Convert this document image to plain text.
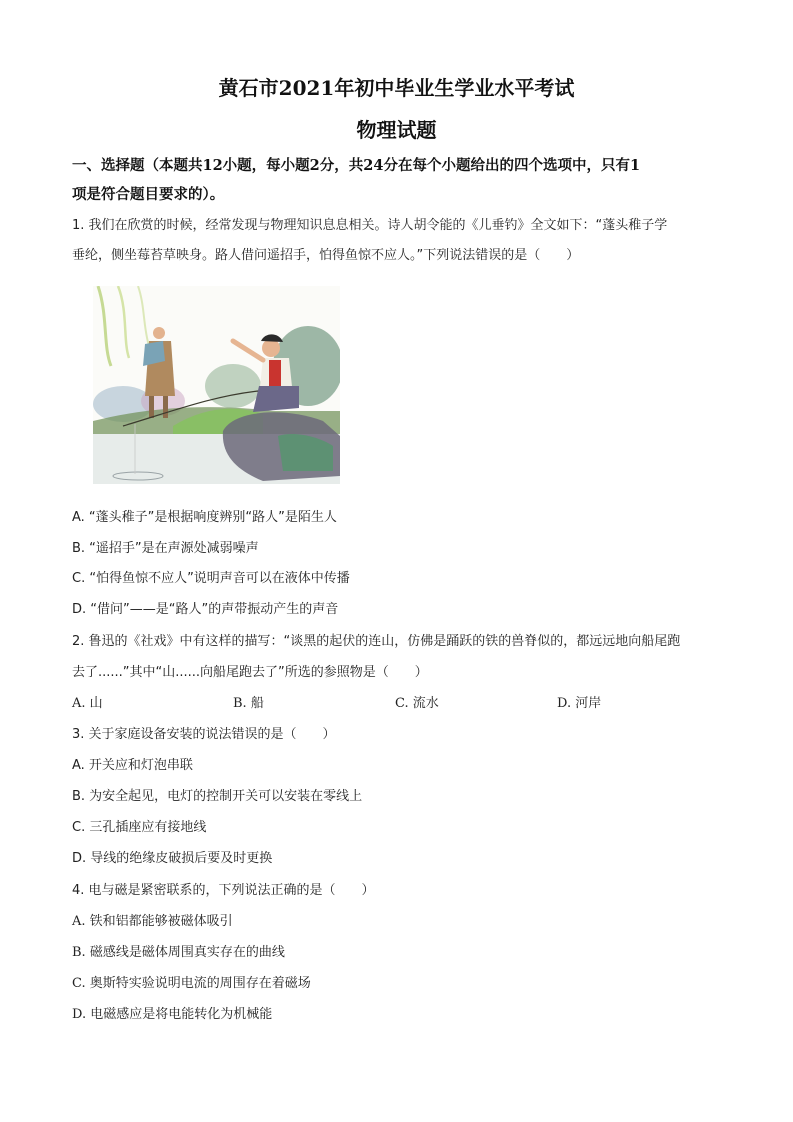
黄石市2021年初中毕业生学业水平考试
物理试题
一、选择题（本题共12小题，每小题2分，共24分在每个小题给出的四个选项中，只有1
项是符合题目要求的）。
1. 我们在欣赏的时候，经常发现与物理知识息息相关。诗人胡令能的《儿垂钓》全文如下：“蓬头稚子学
垂纶，侧坐莓苔草映身。路人借问遥招手，怕得鱼惊不应人。”下列说法错误的是（　　）
A. “蓬头稚子”是根据响度辨别“路人”是陌生人
B. “遥招手”是在声源处减弱噪声
C. “怕得鱼惊不应人”说明声音可以在液体中传播
D. “借问”——是“路人”的声带振动产生的声音
2. 鲁迅的《社戏》中有这样的描写：“谈黑的起伏的连山，仿佛是踊跃的铁的兽脊似的，都远远地向船尾跑
去了......”其中“山......向船尾跑去了”所选的参照物是（　　）
A. 山	B. 船	C. 流水	D. 河岸
3. 关于家庭设备安装的说法错误的是（　　）
A. 开关应和灯泡串联
B. 为安全起见，电灯的控制开关可以安装在零线上
C. 三孔插座应有接地线
D. 导线的绝缘皮破损后要及时更换
4. 电与磁是紧密联系的，下列说法正确的是（　　）
A. 铁和铝都能够被磁体吸引
B. 磁感线是磁体周围真实存在的曲线
C. 奥斯特实验说明电流的周围存在着磁场
D. 电磁感应是将电能转化为机械能
